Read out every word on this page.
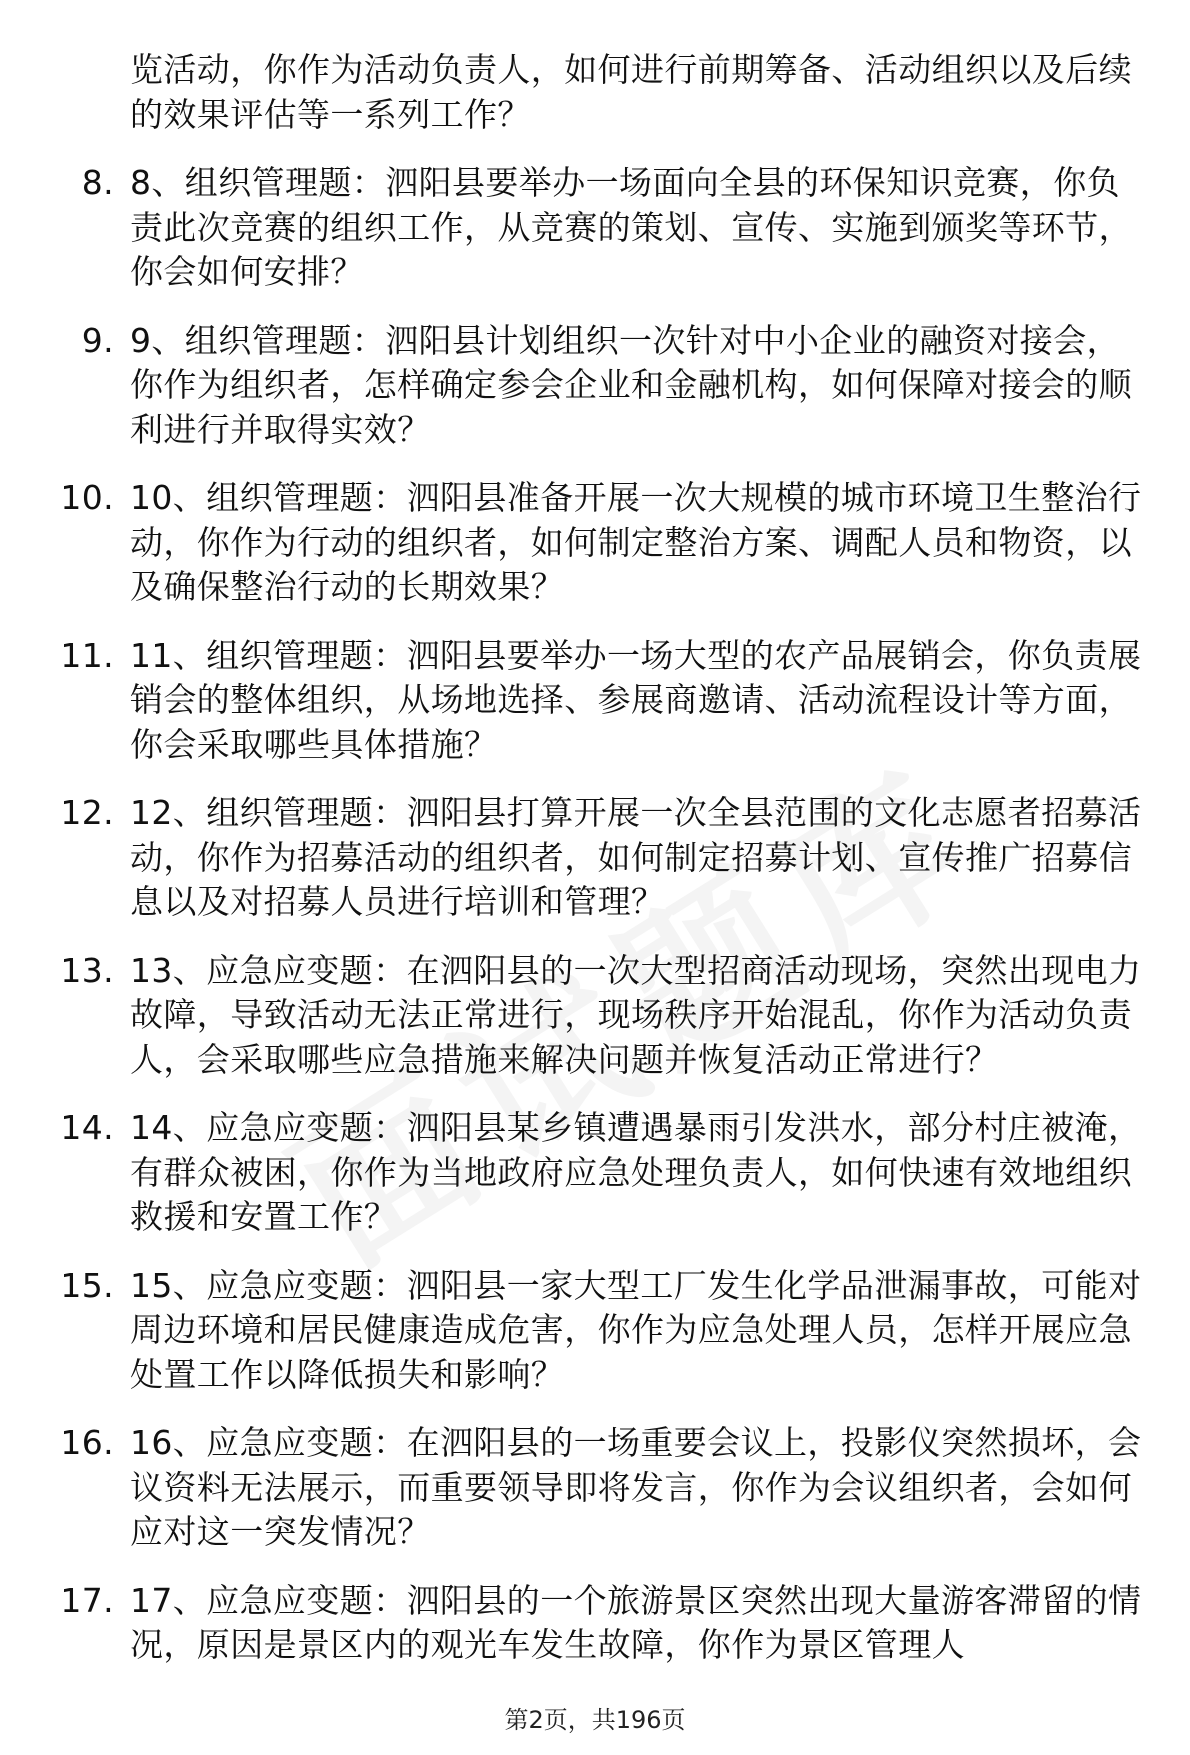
览活动，你作为活动负责人，如何进行前期筹备、活动组织以及后续的效果评估等一系列工作？
8. 8、组织管理题：泗阳县要举办一场面向全县的环保知识竞赛，你负责此次竞赛的组织工作，从竞赛的策划、宣传、实施到颁奖等环节，你会如何安排？
9. 9、组织管理题：泗阳县计划组织一次针对中小企业的融资对接会，你作为组织者，怎样确定参会企业和金融机构，如何保障对接会的顺利进行并取得实效？
10. 10、组织管理题：泗阳县准备开展一次大规模的城市环境卫生整治行动，你作为行动的组织者，如何制定整治方案、调配人员和物资，以及确保整治行动的长期效果？
11. 11、组织管理题：泗阳县要举办一场大型的农产品展销会，你负责展销会的整体组织，从场地选择、参展商邀请、活动流程设计等方面，你会采取哪些具体措施？
12. 12、组织管理题：泗阳县打算开展一次全县范围的文化志愿者招募活动，你作为招募活动的组织者，如何制定招募计划、宣传推广招募信息以及对招募人员进行培训和管理？
13. 13、应急应变题：在泗阳县的一次大型招商活动现场，突然出现电力故障，导致活动无法正常进行，现场秩序开始混乱，你作为活动负责人，会采取哪些应急措施来解决问题并恢复活动正常进行？
14. 14、应急应变题：泗阳县某乡镇遭遇暴雨引发洪水，部分村庄被淹，有群众被困，你作为当地政府应急处理负责人，如何快速有效地组织救援和安置工作？
15. 15、应急应变题：泗阳县一家大型工厂发生化学品泄漏事故，可能对周边环境和居民健康造成危害，你作为应急处理人员，怎样开展应急处置工作以降低损失和影响？
16. 16、应急应变题：在泗阳县的一场重要会议上，投影仪突然损坏，会议资料无法展示，而重要领导即将发言，你作为会议组织者，会如何应对这一突发情况？
17. 17、应急应变题：泗阳县的一个旅游景区突然出现大量游客滞留的情况，原因是景区内的观光车发生故障，你作为景区管理人
第2页，共196页
